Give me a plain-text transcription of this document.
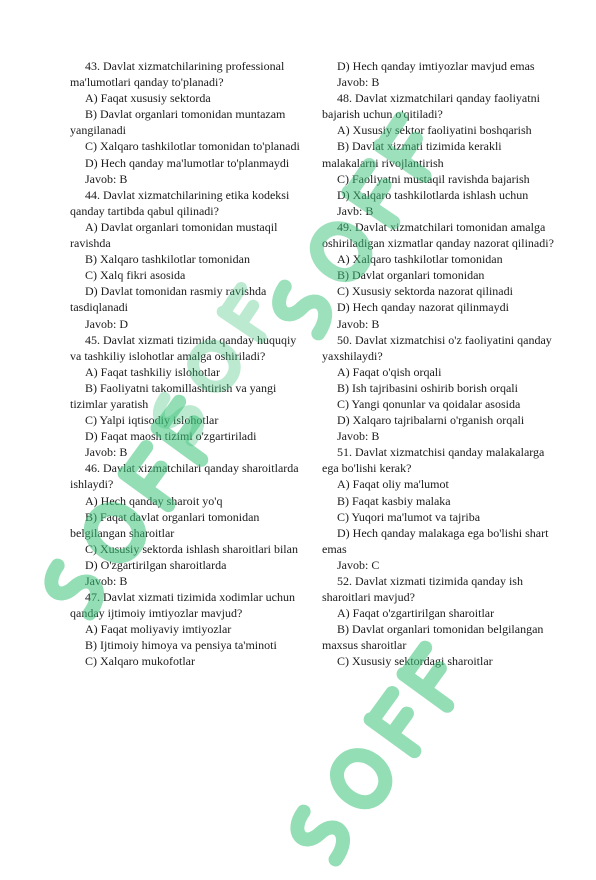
43. Davlat xizmatchilarining professional ma'lumotlari qanday to'planadi?

A) Faqat xususiy sektorda

B) Davlat organlari tomonidan muntazam yangilanadi

C) Xalqaro tashkilotlar tomonidan to'planadi

D) Hech qanday ma'lumotlar to'planmaydi

Javob: B

44. Davlat xizmatchilarining etika kodeksi qanday tartibda qabul qilinadi?

A) Davlat organlari tomonidan mustaqil ravishda

B) Xalqaro tashkilotlar tomonidan

C) Xalq fikri asosida

D) Davlat tomonidan rasmiy ravishda tasdiqlanadi

Javob: D

45. Davlat xizmati tizimida qanday huquqiy va tashkiliy islohotlar amalga oshiriladi?

A) Faqat tashkiliy islohotlar

B) Faoliyatni takomillashtirish va yangi tizimlar yaratish

C) Yalpi iqtisodiy islohotlar

D) Faqat maosh tizimi o'zgartiriladi

Javob: B

46. Davlat xizmatchilari qanday sharoitlarda ishlaydi?

A) Hech qanday sharoit yo'q

B) Faqat davlat organlari tomonidan belgilangan sharoitlar

C) Xususiy sektorda ishlash sharoitlari bilan

D) O'zgartirilgan sharoitlarda

Javob: B

47. Davlat xizmati tizimida xodimlar uchun qanday ijtimoiy imtiyozlar mavjud?

A) Faqat moliyaviy imtiyozlar

B) Ijtimoiy himoya va pensiya ta'minoti

C) Xalqaro mukofotlar

D) Hech qanday imtiyozlar mavjud emas

Javob: B

48. Davlat xizmatchilari qanday faoliyatni bajarish uchun o'qitiladi?

A) Xususiy sektor faoliyatini boshqarish

B) Davlat xizmati tizimida kerakli malakalarni rivojlantirish

C) Faoliyatni mustaqil ravishda bajarish

D) Xalqaro tashkilotlarda ishlash uchun

Javb: B

49. Davlat xizmatchilari tomonidan amalga oshiriladigan xizmatlar qanday nazorat qilinadi?

A) Xalqaro tashkilotlar tomonidan

B) Davlat organlari tomonidan

C) Xususiy sektorda nazorat qilinadi

D) Hech qanday nazorat qilinmaydi

Javob: B

50. Davlat xizmatchisi o'z faoliyatini qanday yaxshilaydi?

A) Faqat o'qish orqali

B) Ish tajribasini oshirib borish orqali

C) Yangi qonunlar va qoidalar asosida

D) Xalqaro tajribalarni o'rganish orqali

Javob: B

51. Davlat xizmatchisi qanday malakalarga ega bo'lishi kerak?

A) Faqat oliy ma'lumot

B) Faqat kasbiy malaka

C) Yuqori ma'lumot va tajriba

D) Hech qanday malakaga ega bo'lishi shart emas

Javob: C

52. Davlat xizmati tizimida qanday ish sharoitlari mavjud?

A) Faqat o'zgartirilgan sharoitlar

B) Davlat organlari tomonidan belgilangan maxsus sharoitlar

C) Xususiy sektordagi sharoitlar
